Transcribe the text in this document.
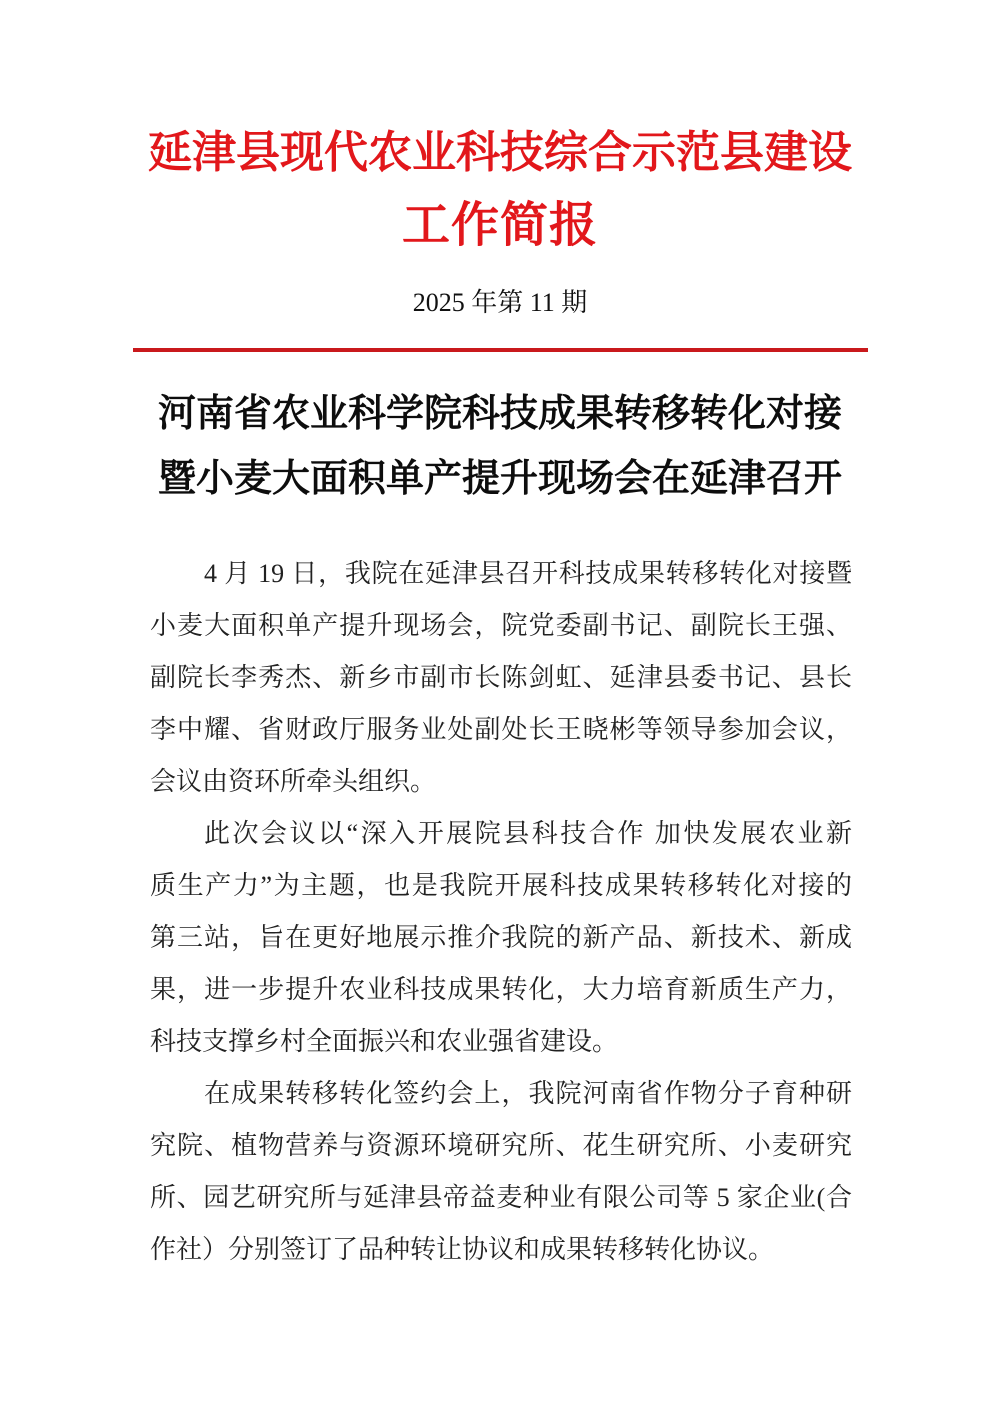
延津县现代农业科技综合示范县建设
工作简报
2025 年第 11 期
河南省农业科学院科技成果转移转化对接
暨小麦大面积单产提升现场会在延津召开
4 月 19 日，我院在延津县召开科技成果转移转化对接暨
小麦大面积单产提升现场会，院党委副书记、副院长王强、
副院长李秀杰、新乡市副市长陈剑虹、延津县委书记、县长
李中耀、省财政厅服务业处副处长王晓彬等领导参加会议，
会议由资环所牵头组织。
此次会议以“深入开展院县科技合作 加快发展农业新
质生产力”为主题，也是我院开展科技成果转移转化对接的
第三站，旨在更好地展示推介我院的新产品、新技术、新成
果，进一步提升农业科技成果转化，大力培育新质生产力，
科技支撑乡村全面振兴和农业强省建设。
在成果转移转化签约会上，我院河南省作物分子育种研
究院、植物营养与资源环境研究所、花生研究所、小麦研究
所、园艺研究所与延津县帝益麦种业有限公司等 5 家企业(合
作社）分别签订了品种转让协议和成果转移转化协议。
